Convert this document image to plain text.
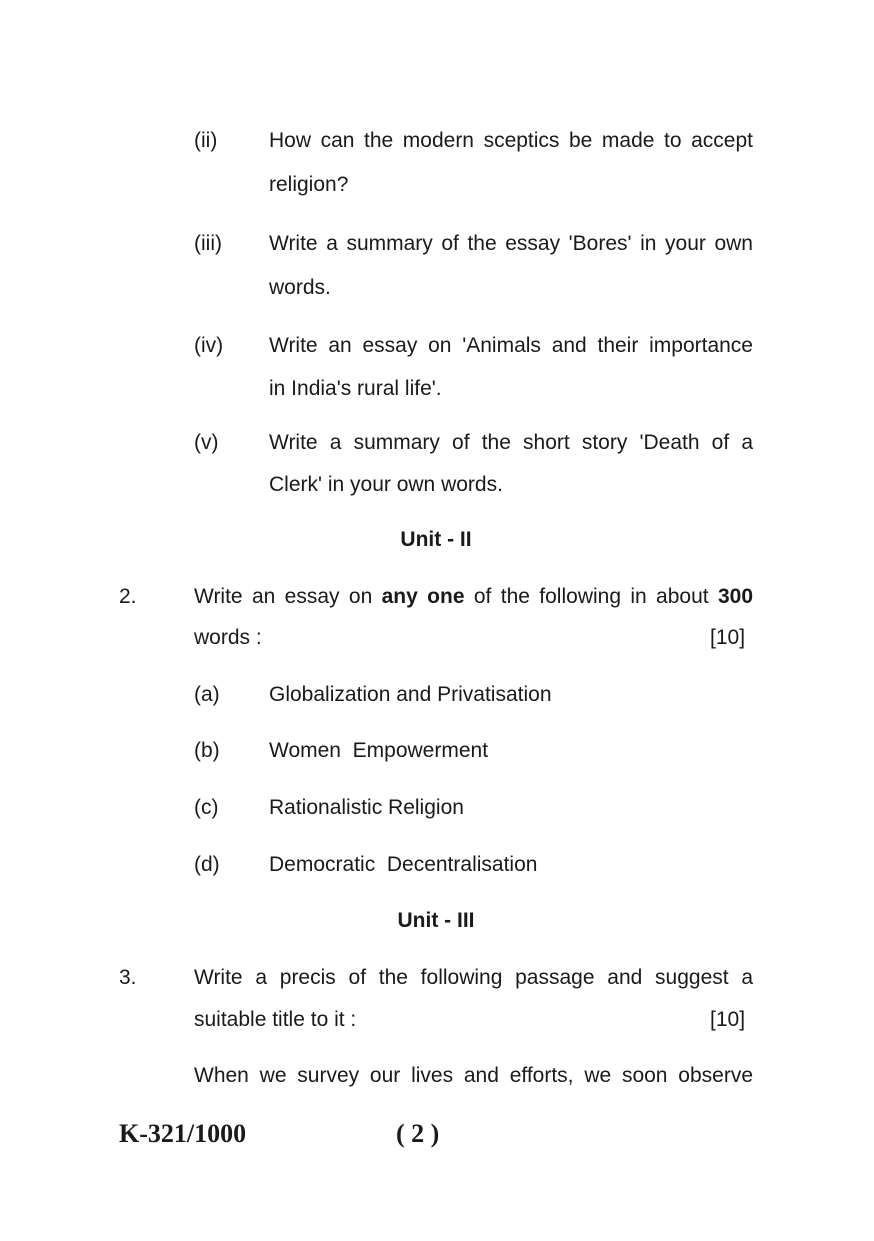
(ii) How can the modern sceptics be made to accept
religion?
(iii) Write a summary of the essay 'Bores' in your own
words.
(iv) Write an essay on 'Animals and their importance
in India's rural life'.
(v) Write a summary of the short story 'Death of a
Clerk' in your own words.
Unit - II
2.	Write an essay on any one of the following in about 300
words :	[10]
(a) Globalization and Privatisation
(b) Women  Empowerment
(c) Rationalistic Religion
(d) Democratic  Decentralisation
Unit - III
3.	Write a precis of the following passage and suggest a
suitable title to it :	[10]
When we survey our lives and efforts, we soon observe
K-321/1000	( 2 )
